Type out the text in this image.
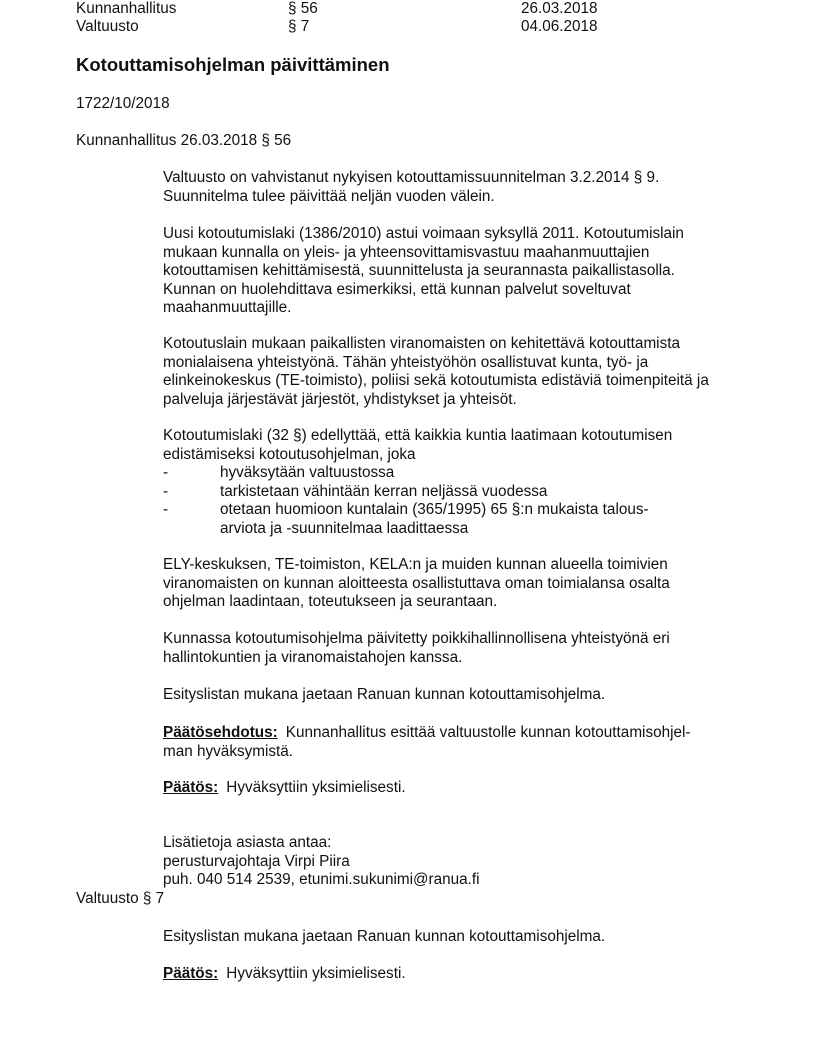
Kunnanhallitus	§ 56	26.03.2018
Valtuusto	§ 7	04.06.2018
Kotouttamisohjelman päivittäminen
1722/10/2018
Kunnanhallitus 26.03.2018 § 56
Valtuusto on vahvistanut nykyisen kotouttamissuunnitelman 3.2.2014 § 9.
Suunnitelma tulee päivittää neljän vuoden välein.
Uusi kotoutumislaki (1386/2010) astui voimaan syksyllä 2011. Kotoutumislain
mukaan kunnalla on yleis- ja yhteensovittamisvastuu maahanmuuttajien
kotouttamisen kehittämisestä, suunnittelusta ja seurannasta paikallistasolla.
Kunnan on huolehdittava esimerkiksi, että kunnan palvelut soveltuvat
maahanmuuttajille.
Kotoutuslain mukaan paikallisten viranomaisten on kehitettävä kotouttamista
monialaisena yhteistyönä. Tähän yhteistyöhön osallistuvat kunta, työ- ja
elinkeinokeskus (TE-toimisto), poliisi sekä kotoutumista edistäviä toimenpiteitä ja
palveluja järjestävät järjestöt, yhdistykset ja yhteisöt.
Kotoutumislaki (32 §) edellyttää, että kaikkia kuntia laatimaan kotoutumisen
edistämiseksi kotoutusohjelman, joka
-	hyväksytään valtuustossa
-	tarkistetaan vähintään kerran neljässä vuodessa
-	otetaan huomioon kuntalain (365/1995) 65 §:n mukaista talous-
arviota ja -suunnitelmaa laadittaessa
ELY-keskuksen, TE-toimiston, KELA:n ja muiden kunnan alueella toimivien
viranomaisten on kunnan aloitteesta osallistuttava oman toimialansa osalta
ohjelman laadintaan, toteutukseen ja seurantaan.
Kunnassa kotoutumisohjelma päivitetty poikkihallinnollisena yhteistyönä eri
hallintokuntien ja viranomaistahojen kanssa.
Esityslistan mukana jaetaan Ranuan kunnan kotouttamisohjelma.
Päätösehdotus: Kunnanhallitus esittää valtuustolle kunnan kotouttamisohjel-
man hyväksymistä.
Päätös: Hyväksyttiin yksimielisesti.
Lisätietoja asiasta antaa:
perusturvajohtaja Virpi Piira
puh. 040 514 2539, etunimi.sukunimi@ranua.fi
Valtuusto § 7
Esityslistan mukana jaetaan Ranuan kunnan kotouttamisohjelma.
Päätös: Hyväksyttiin yksimielisesti.
